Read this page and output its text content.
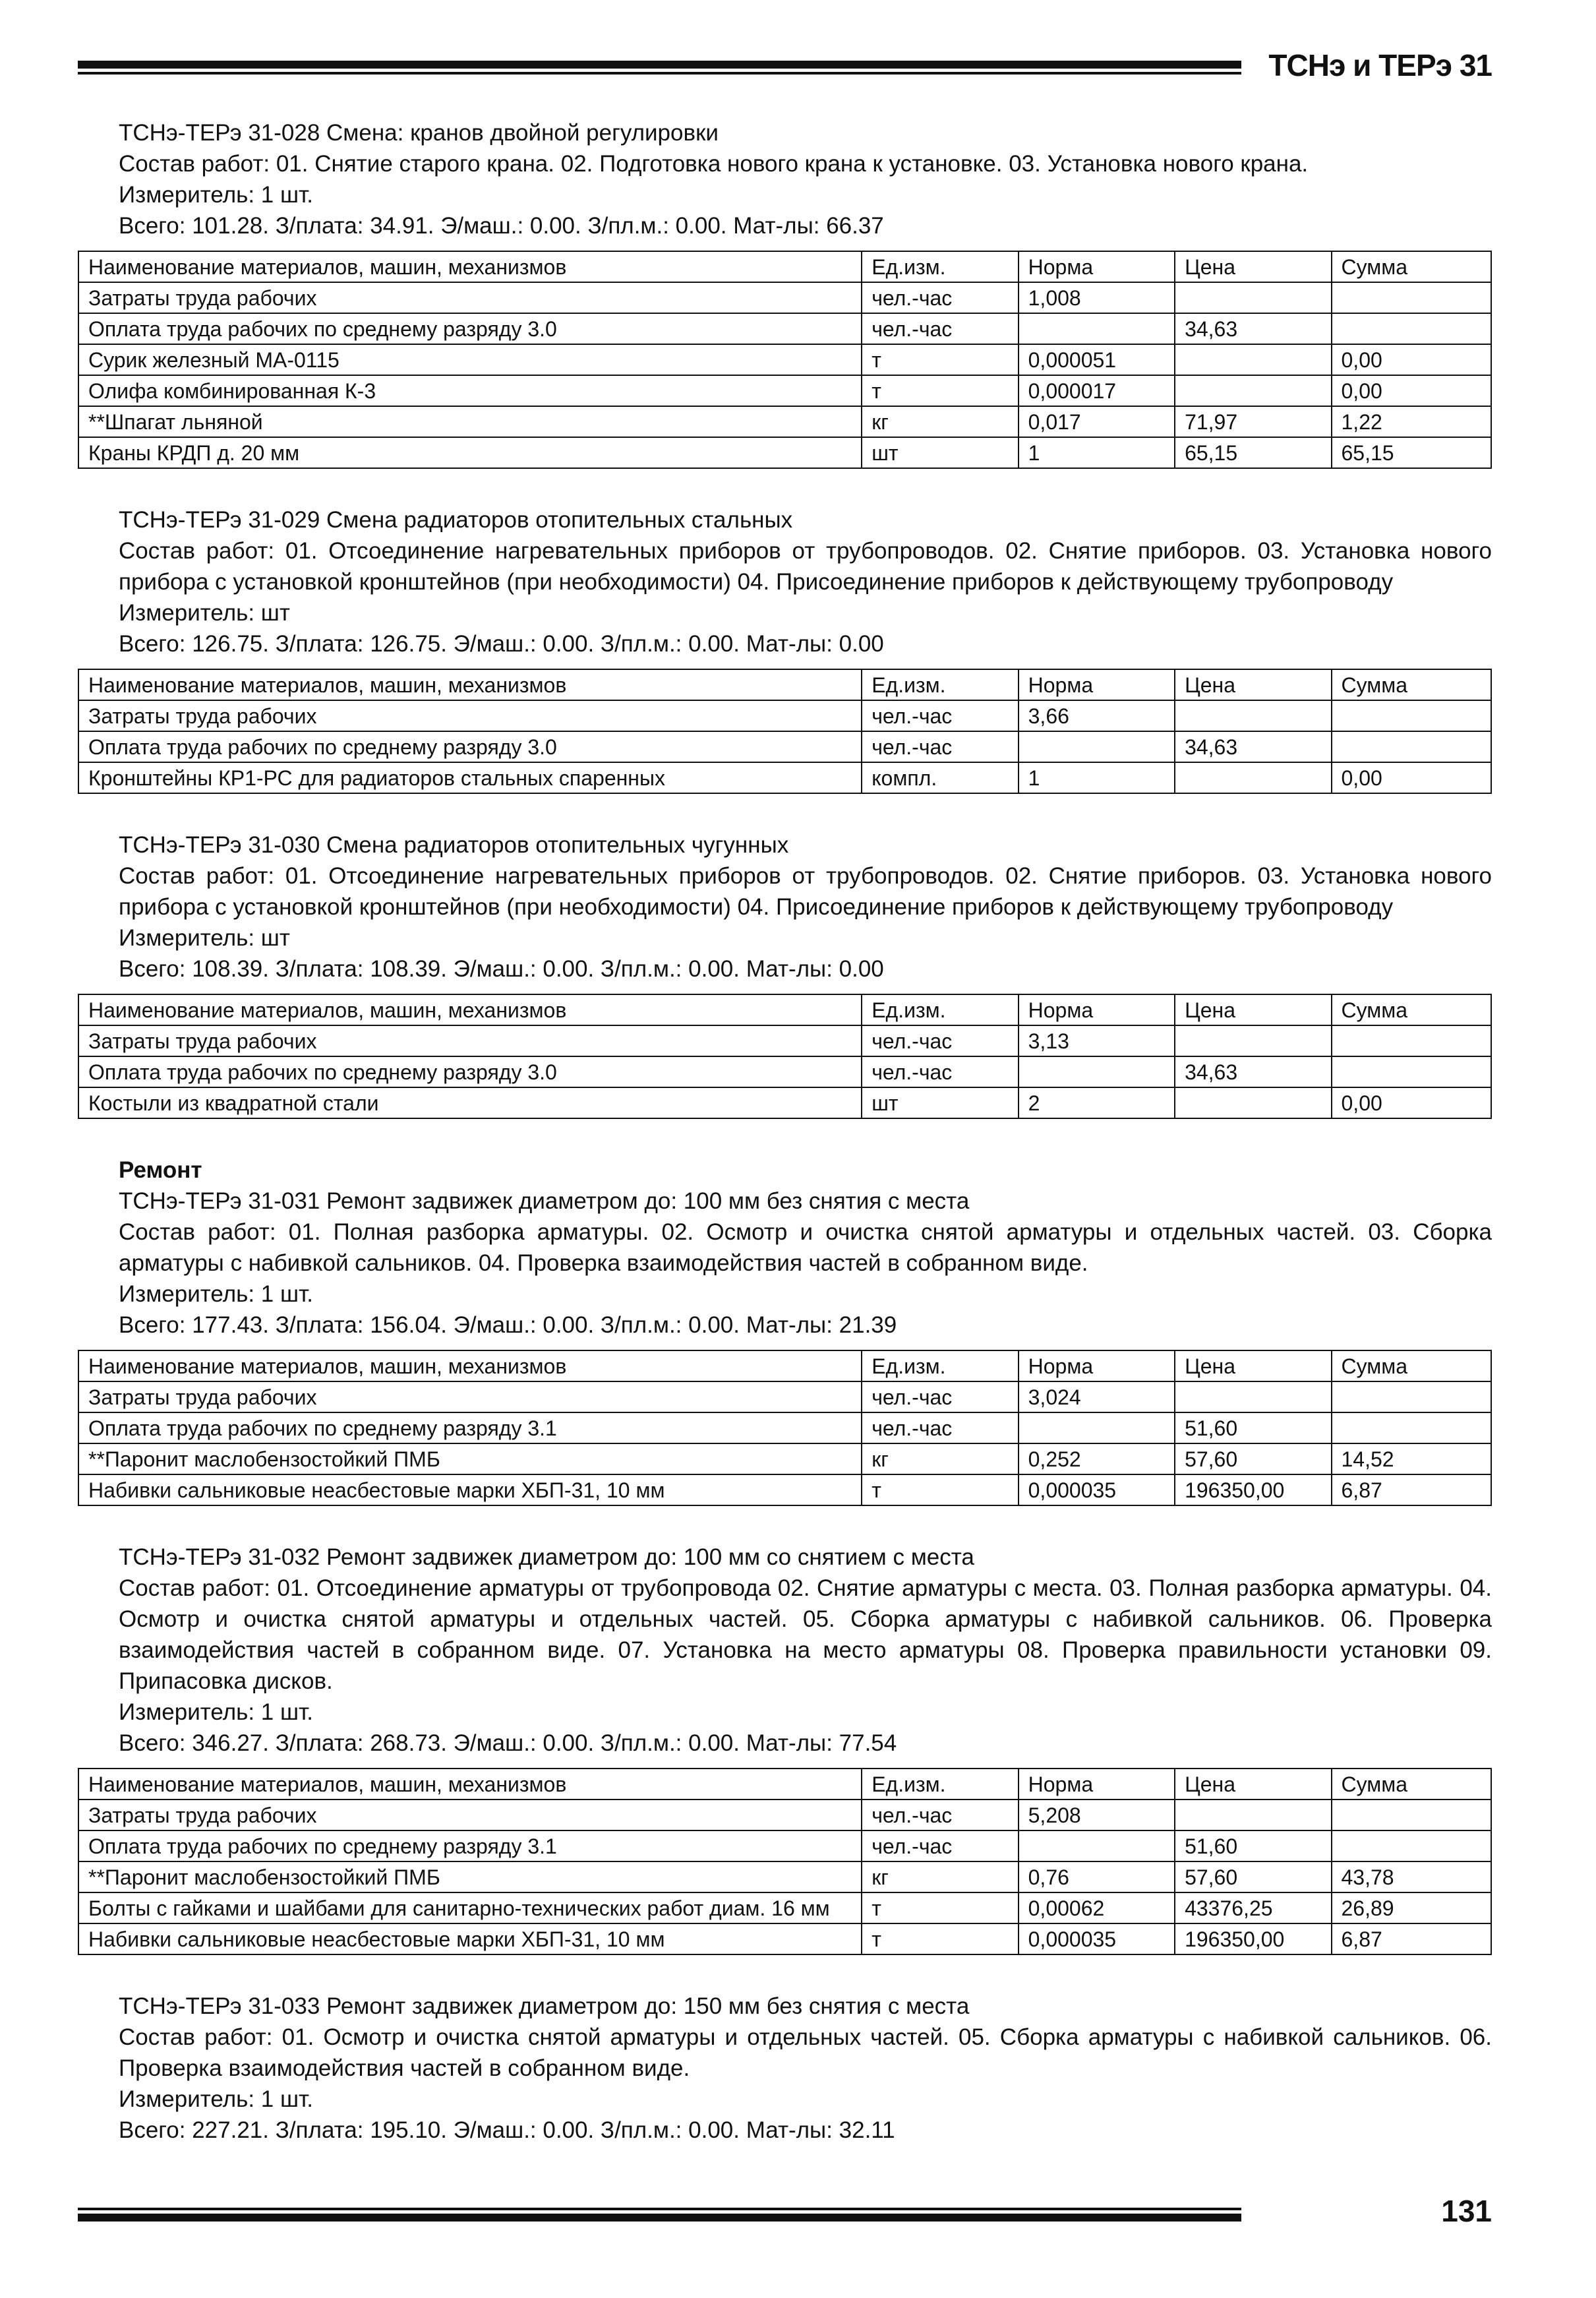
ТСНэ и ТЕРэ 31

ТСНэ-ТЕРэ 31-028 Смена: кранов двойной регулировки

Состав работ: 01. Снятие старого крана. 02. Подготовка нового крана к установке. 03. Установка нового крана.

Измеритель: 1 шт.

Всего: 101.28. З/плата: 34.91. Э/маш.: 0.00. З/пл.м.: 0.00. Мат-лы: 66.37

Наименование материалов, машин, механизмов	Ед.изм.	Норма	Цена	Сумма
Затраты труда рабочих	чел.-час	1,008		
Оплата труда рабочих по среднему разряду 3.0	чел.-час		34,63	
Сурик железный МА-0115	т	0,000051		0,00
Олифа комбинированная К-3	т	0,000017		0,00
**Шпагат льняной	кг	0,017	71,97	1,22
Краны КРДП д. 20 мм	шт	1	65,15	65,15

ТСНэ-ТЕРэ 31-029 Смена радиаторов отопительных стальных

Состав работ: 01. Отсоединение нагревательных приборов от трубопроводов. 02. Снятие приборов. 03. Установка нового прибора с установкой кронштейнов (при необходимости) 04. Присоединение приборов к действующему трубопроводу

Измеритель: шт

Всего: 126.75. З/плата: 126.75. Э/маш.: 0.00. З/пл.м.: 0.00. Мат-лы: 0.00

Наименование материалов, машин, механизмов	Ед.изм.	Норма	Цена	Сумма
Затраты труда рабочих	чел.-час	3,66		
Оплата труда рабочих по среднему разряду 3.0	чел.-час		34,63	
Кронштейны КР1-РС для радиаторов стальных спаренных	компл.	1		0,00

ТСНэ-ТЕРэ 31-030 Смена радиаторов отопительных чугунных

Состав работ: 01. Отсоединение нагревательных приборов от трубопроводов. 02. Снятие приборов. 03. Установка нового прибора с установкой кронштейнов (при необходимости) 04. Присоединение приборов к действующему трубопроводу

Измеритель: шт

Всего: 108.39. З/плата: 108.39. Э/маш.: 0.00. З/пл.м.: 0.00. Мат-лы: 0.00

Наименование материалов, машин, механизмов	Ед.изм.	Норма	Цена	Сумма
Затраты труда рабочих	чел.-час	3,13		
Оплата труда рабочих по среднему разряду 3.0	чел.-час		34,63	
Костыли из квадратной стали	шт	2		0,00

Ремонт

ТСНэ-ТЕРэ 31-031 Ремонт задвижек диаметром до: 100 мм без снятия с места

Состав работ: 01. Полная разборка арматуры. 02. Осмотр и очистка снятой арматуры и отдельных частей. 03. Сборка арматуры с набивкой сальников. 04. Проверка взаимодействия частей в собранном виде.

Измеритель: 1 шт.

Всего: 177.43. З/плата: 156.04. Э/маш.: 0.00. З/пл.м.: 0.00. Мат-лы: 21.39

Наименование материалов, машин, механизмов	Ед.изм.	Норма	Цена	Сумма
Затраты труда рабочих	чел.-час	3,024		
Оплата труда рабочих по среднему разряду 3.1	чел.-час		51,60	
**Паронит маслобензостойкий ПМБ	кг	0,252	57,60	14,52
Набивки сальниковые неасбестовые марки ХБП-31, 10 мм	т	0,000035	196350,00	6,87

ТСНэ-ТЕРэ 31-032 Ремонт задвижек диаметром до: 100 мм со снятием с места

Состав работ: 01. Отсоединение арматуры от трубопровода 02. Снятие арматуры с места. 03. Полная разборка арматуры. 04. Осмотр и очистка снятой арматуры и отдельных частей. 05. Сборка арматуры с набивкой сальников. 06. Проверка взаимодействия частей в собранном виде. 07. Установка на место арматуры 08. Проверка правильности установки 09. Припасовка дисков.

Измеритель: 1 шт.

Всего: 346.27. З/плата: 268.73. Э/маш.: 0.00. З/пл.м.: 0.00. Мат-лы: 77.54

Наименование материалов, машин, механизмов	Ед.изм.	Норма	Цена	Сумма
Затраты труда рабочих	чел.-час	5,208		
Оплата труда рабочих по среднему разряду 3.1	чел.-час		51,60	
**Паронит маслобензостойкий ПМБ	кг	0,76	57,60	43,78
Болты с гайками и шайбами для санитарно-технических работ диам. 16 мм	т	0,00062	43376,25	26,89
Набивки сальниковые неасбестовые марки ХБП-31, 10 мм	т	0,000035	196350,00	6,87

ТСНэ-ТЕРэ 31-033 Ремонт задвижек диаметром до: 150 мм без снятия с места

Состав работ: 01. Осмотр и очистка снятой арматуры и отдельных частей. 05. Сборка арматуры с набивкой сальников. 06. Проверка взаимодействия частей в собранном виде.

Измеритель: 1 шт.

Всего: 227.21. З/плата: 195.10. Э/маш.: 0.00. З/пл.м.: 0.00. Мат-лы: 32.11

131
